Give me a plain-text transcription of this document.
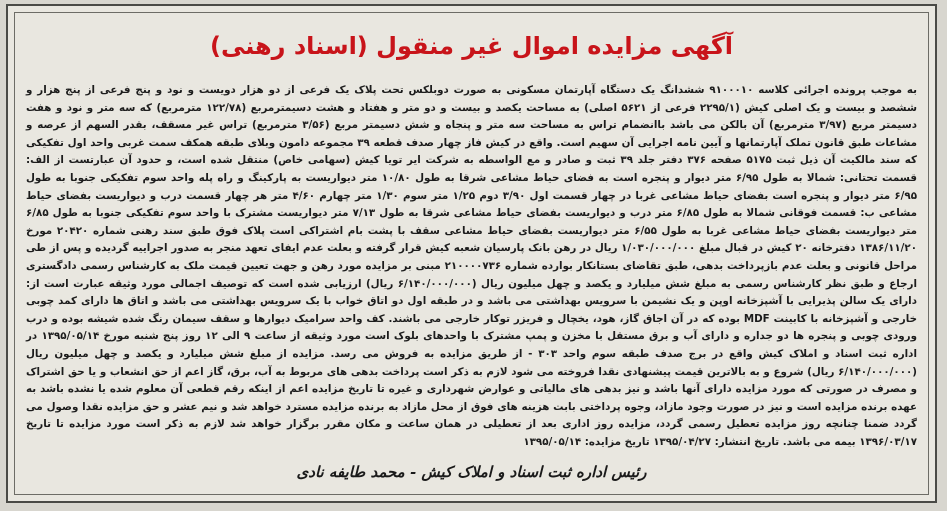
آگهی مزایده اموال غیر منقول (اسناد رهنی)
به موجب پرونده اجرائی کلاسه ۹۱۰۰۰۱۰ ششدانگ یک دستگاه آپارتمان مسکونی به صورت دوبلکس تحت پلاک یک فرعی از دو هزار دویست و نود و پنج فرعی از پنج هزار و ششصد و بیست و یک اصلی کیش (۲۲۹۵/۱ فرعی از ۵۶۲۱ اصلی) به مساحت یکصد و بیست و دو متر و هفتاد و هشت دسیمترمربع (۱۲۲/۷۸ مترمربع) که سه متر و نود و هفت دسیمتر مربع (۳/۹۷ مترمربع) آن بالکن می باشد باانضمام تراس به مساحت سه متر و پنجاه و شش دسیمتر مربع (۳/۵۶ مترمربع) تراس غیر مسقف، بقدر السهم از عرصه و مشاعات طبق قانون تملک آپارتمانها و آیین نامه اجرایی آن سهیم است. واقع در کیش فاز چهار صدف قطعه ۳۹ مجموعه دامون وبلای طبقه همکف سمت غربی واحد اول تفکیکی که سند مالکیت آن ذیل ثبت ۵۱۷۵ صفحه ۳۷۶ دفتر جلد ۳۹ ثبت و صادر و مع الواسطه به شرکت ایر تویا کیش (سهامی خاص) منتقل شده است، و حدود آن عبارتست از الف: قسمت تحتانی: شمالا به طول ۶/۹۵ متر دیوار و پنجره است به فضای حیاط مشاعی شرقا به طول ۱۰/۸۰ متر دیواریست به پارکینگ و راه پله واحد سوم تفکیکی جنوبا به طول ۶/۹۵ متر دیوار و پنجره است بفضای حیاط مشاعی غربا در چهار قسمت اول ۳/۹۰ دوم ۱/۲۵ متر سوم ۱/۳۰ متر چهارم ۴/۶۰ متر هر چهار قسمت درب و دیواریست بفضای حیاط مشاعی ب: قسمت فوقانی شمالا به طول ۶/۸۵ متر درب و دیواریست بفضای حیاط مشاعی شرقا به طول ۷/۱۳ متر دیواریست مشترک با واحد سوم تفکیکی جنوبا به طول ۶/۸۵ متر دیواریست بفضای حیاط مشاعی غربا به طول ۶/۵۵ متر دیواریست بفضای حیاط مشاعی سقف با پشت بام اشتراکی است پلاک فوق طبق سند رهنی شماره ۲۰۴۲۰ مورخ ۱۳۸۶/۱۱/۲۰ دفترخانه ۲۰ کیش در قبال مبلغ ۱/۰۳۰/۰۰۰/۰۰۰ ریال در رهن بانک پارسیان شعبه کیش قرار گرفته و بعلت عدم ایفای تعهد منجر به صدور اجراییه گردیده و پس از طی مراحل قانونی و بعلت عدم بازپرداخت بدهی، طبق تقاضای بستانکار بوارده شماره ۲۱۰۰۰۰۷۳۶ مبنی بر مزایده مورد رهن و جهت تعیین قیمت ملک به کارشناس رسمی دادگستری ارجاع و طبق نظر کارشناس رسمی به مبلغ شش میلیارد و یکصد و چهل میلیون ریال (۶/۱۴۰/۰۰۰/۰۰۰ ریال) ارزیابی شده است که توصیف اجمالی مورد وثیقه عبارت است از: دارای یک سالن پذیرایی با آشپزخانه اوپن و یک نشیمن با سرویس بهداشتی می باشد و در طبقه اول دو اتاق خواب با یک سرویس بهداشتی می باشد و اتاق ها دارای کمد چوبی خارجی و آشپزخانه با کابینت MDF بوده که در آن اجاق گاز، هود، یخچال و فریزر توکار خارجی می باشند. کف واحد سرامیک دیوارها و سقف سیمان رنگ شده شیشه بوده و درب ورودی چوبی و پنجره ها دو جداره و دارای آب و برق مستقل با مخزن و پمپ مشترک با واحدهای بلوک است مورد وثیقه از ساعت ۹ الی ۱۲ روز پنج شنبه مورخ ۱۳۹۵/۰۵/۱۴ در اداره ثبت اسناد و املاک کیش واقع در برج صدف طبقه سوم واحد ۳۰۳ - از طریق مزایده به فروش می رسد. مزایده از مبلغ شش میلیارد و یکصد و چهل میلیون ریال (۶/۱۴۰/۰۰۰/۰۰۰ ریال) شروع و به بالاترین قیمت پیشنهادی نقدا فروخته می شود لازم به ذکر است پرداخت بدهی های مربوط به آب، برق، گاز اعم از حق انشعاب و یا حق اشتراک و مصرف در صورتی که مورد مزایده دارای آنها باشد و نیز بدهی های مالیاتی و عوارض شهرداری و غیره تا تاریخ مزایده اعم از اینکه رقم قطعی آن معلوم شده یا نشده باشد به عهده برنده مزایده است و نیز در صورت وجود مازاد، وجوه پرداختی بابت هزینه های فوق از محل مازاد به برنده مزایده مسترد خواهد شد و نیم عشر و حق مزایده نقدا وصول می گردد ضمنا چنانچه روز مزایده تعطیل رسمی گردد، مزایده روز اداری بعد از تعطیلی در همان ساعت و مکان مقرر برگزار خواهد شد لازم به ذکر است مورد مزایده تا تاریخ ۱۳۹۶/۰۳/۱۷ بیمه می باشد. تاریخ انتشار: ۱۳۹۵/۰۴/۲۷ تاریخ مزایده: ۱۳۹۵/۰۵/۱۴
رئیس اداره ثبت اسناد و املاک کیش - محمد طایفه نادی
